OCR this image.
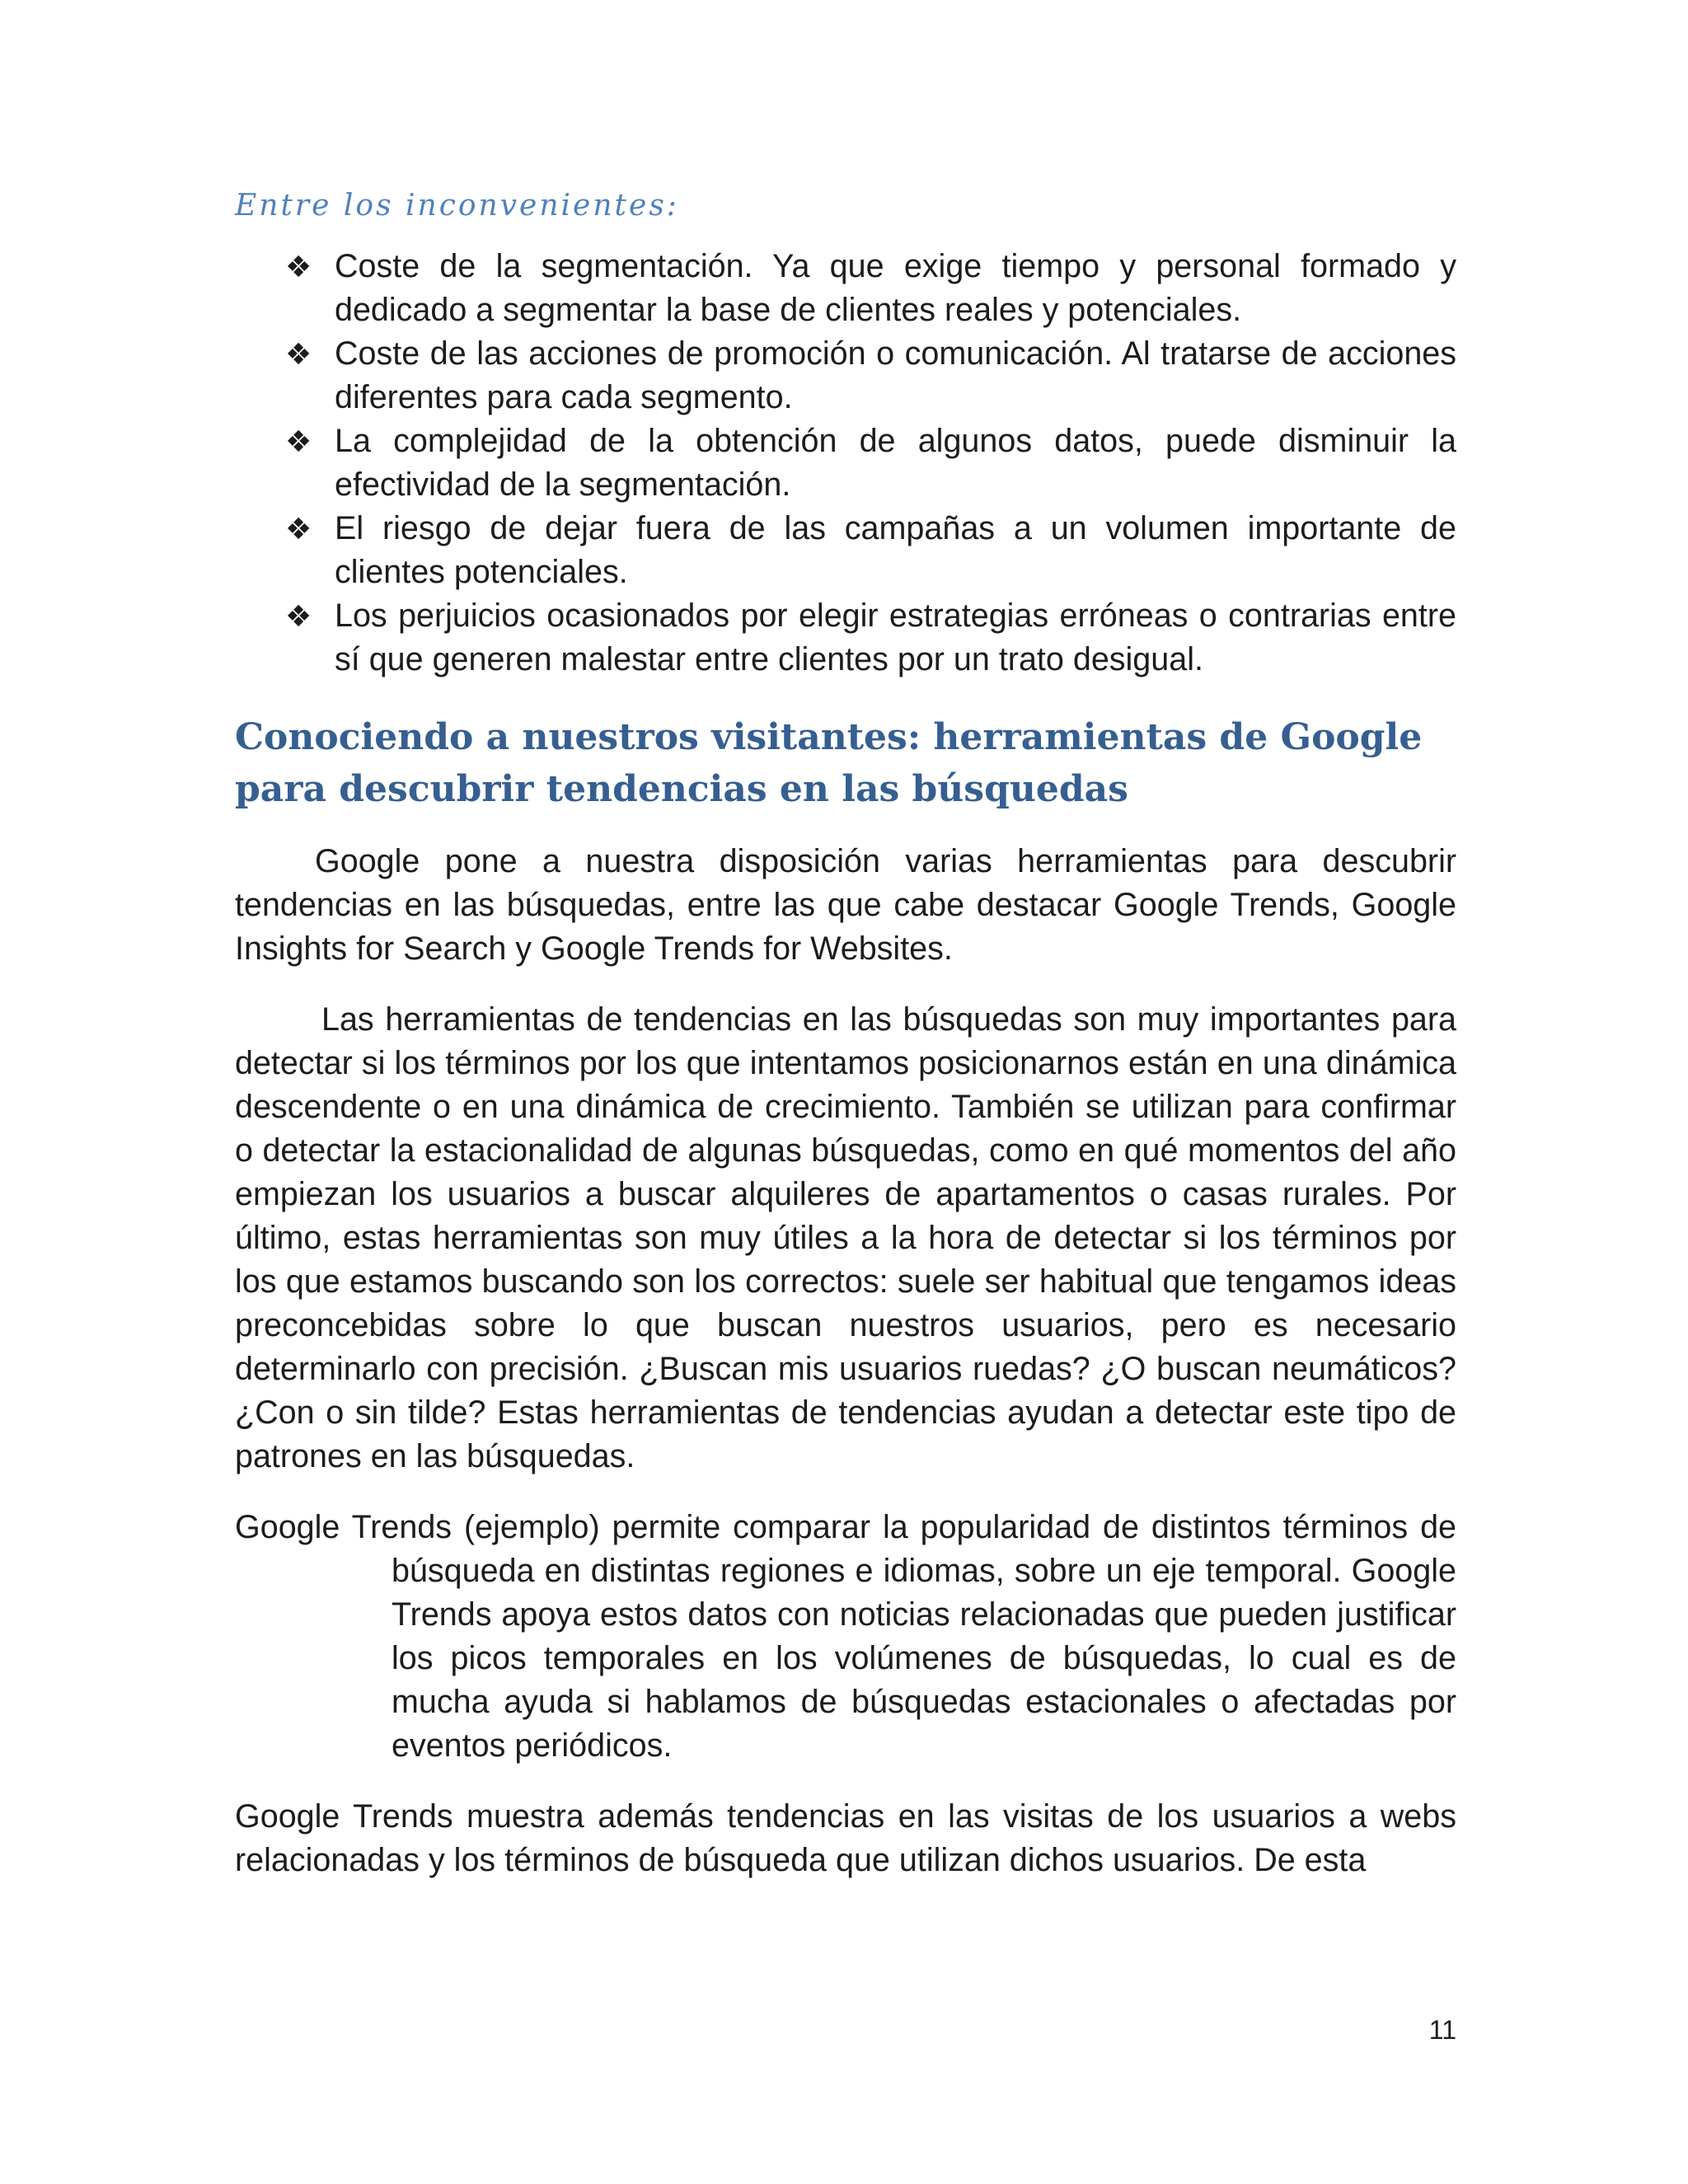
Entre los inconvenientes:
❖ Coste de la segmentación. Ya que exige tiempo y personal formado y dedicado a segmentar la base de clientes reales y potenciales.
❖ Coste de las acciones de promoción o comunicación. Al tratarse de acciones diferentes para cada segmento.
❖ La complejidad de la obtención de algunos datos, puede disminuir la efectividad de la segmentación.
❖ El riesgo de dejar fuera de las campañas a un volumen importante de clientes potenciales.
❖ Los perjuicios ocasionados por elegir estrategias erróneas o contrarias entre sí que generen malestar entre clientes por un trato desigual.
Conociendo a nuestros visitantes: herramientas de Google para descubrir tendencias en las búsquedas

Google pone a nuestra disposición varias herramientas para descubrir tendencias en las búsquedas, entre las que cabe destacar Google Trends, Google Insights for Search y Google Trends for Websites.

Las herramientas de tendencias en las búsquedas son muy importantes para detectar si los términos por los que intentamos posicionarnos están en una dinámica descendente o en una dinámica de crecimiento. También se utilizan para confirmar o detectar la estacionalidad de algunas búsquedas, como en qué momentos del año empiezan los usuarios a buscar alquileres de apartamentos o casas rurales. Por último, estas herramientas son muy útiles a la hora de detectar si los términos por los que estamos buscando son los correctos: suele ser habitual que tengamos ideas preconcebidas sobre lo que buscan nuestros usuarios, pero es necesario determinarlo con precisión. ¿Buscan mis usuarios ruedas? ¿O buscan neumáticos? ¿Con o sin tilde? Estas herramientas de tendencias ayudan a detectar este tipo de patrones en las búsquedas.

Google Trends (ejemplo) permite comparar la popularidad de distintos términos de búsqueda en distintas regiones e idiomas, sobre un eje temporal. Google Trends apoya estos datos con noticias relacionadas que pueden justificar los picos temporales en los volúmenes de búsquedas, lo cual es de mucha ayuda si hablamos de búsquedas estacionales o afectadas por eventos periódicos.

Google Trends muestra además tendencias en las visitas de los usuarios a webs relacionadas y los términos de búsqueda que utilizan dichos usuarios. De esta

11
